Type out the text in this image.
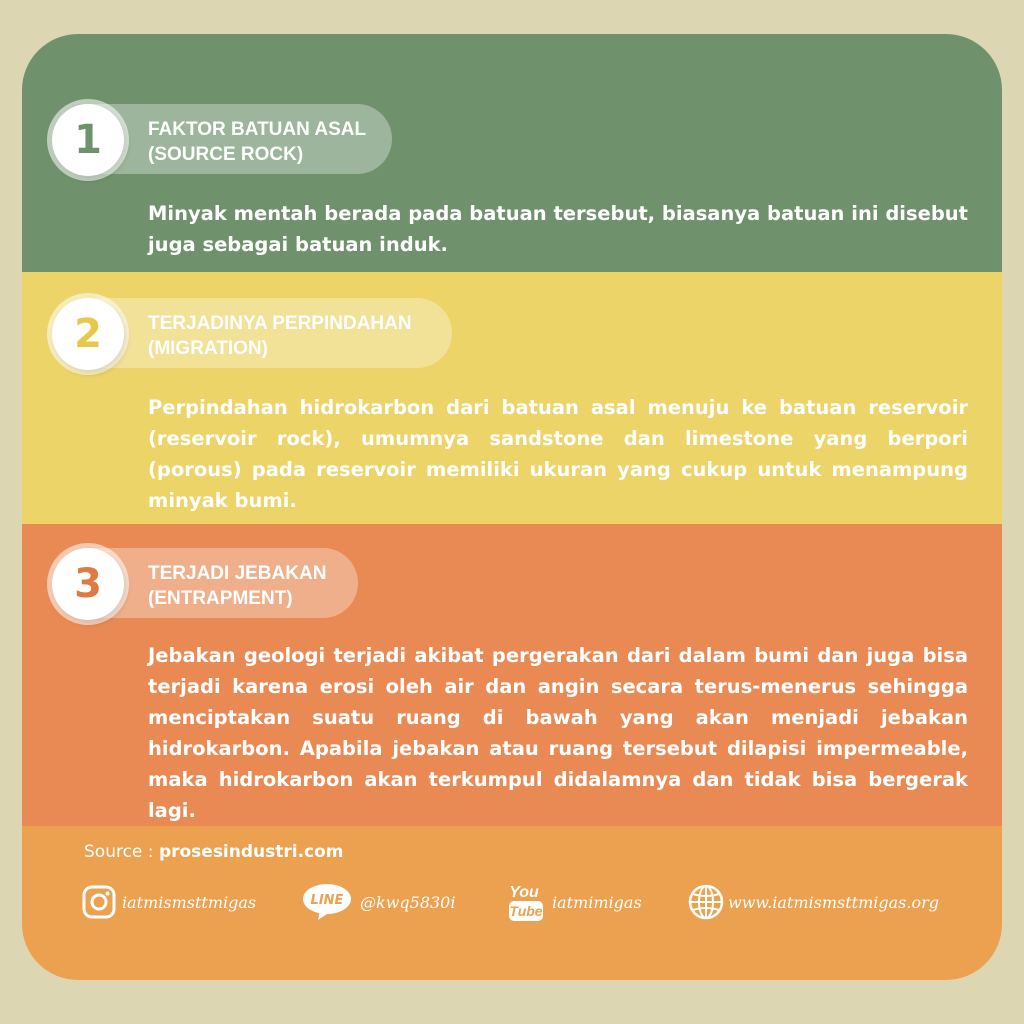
1	FAKTOR BATUAN ASAL
(SOURCE ROCK)
Minyak mentah berada pada batuan tersebut, biasanya batuan ini disebut juga sebagai batuan induk.
2	TERJADINYA PERPINDAHAN
(MIGRATION)
Perpindahan hidrokarbon dari batuan asal menuju ke batuan reservoir (reservoir rock), umumnya sandstone dan limestone yang berpori (porous) pada reservoir memiliki ukuran yang cukup untuk menampung minyak bumi.
3	TERJADI JEBAKAN
(ENTRAPMENT)
Jebakan geologi terjadi akibat pergerakan dari dalam bumi dan juga bisa terjadi karena erosi oleh air dan angin secara terus-menerus sehingga menciptakan suatu ruang di bawah yang akan menjadi jebakan hidrokarbon. Apabila jebakan atau ruang tersebut dilapisi impermeable, maka hidrokarbon akan terkumpul didalamnya dan tidak bisa bergerak lagi.
Source : prosesindustri.com
iatmismsttmigas	LINE @kwq5830i	You
Tube iatmimigas	www.iatmismsttmigas.org
